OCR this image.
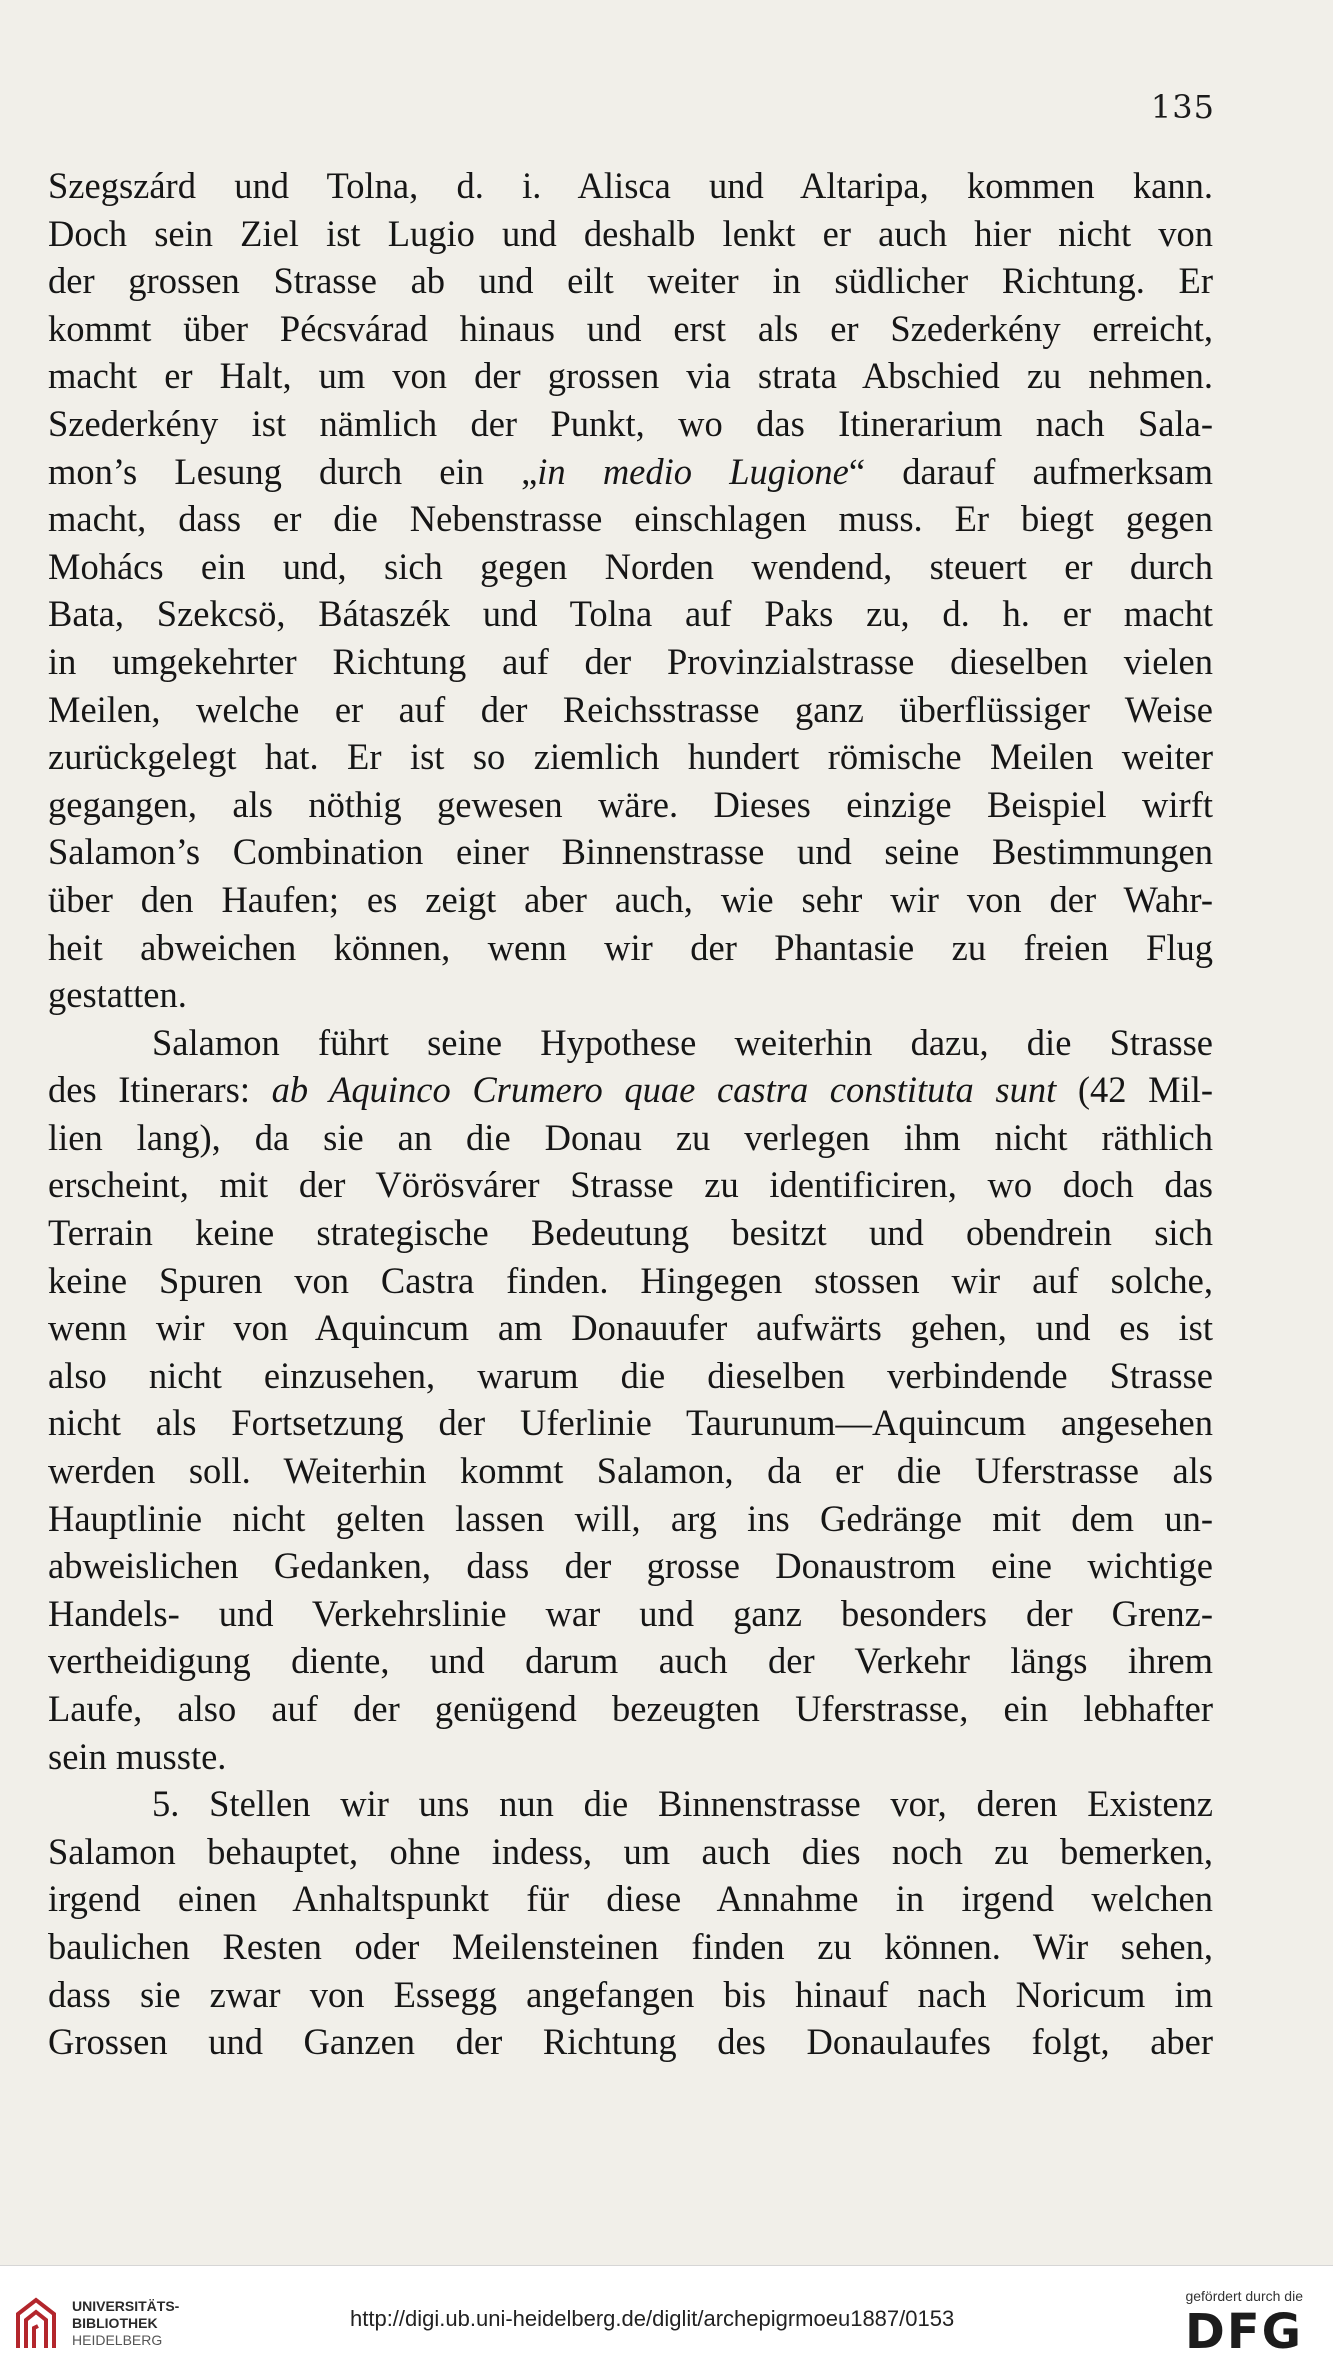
135
Szegszárd und Tolna, d. i. Alisca und Altaripa, kommen kann.
Doch sein Ziel ist Lugio und deshalb lenkt er auch hier nicht von
der grossen Strasse ab und eilt weiter in südlicher Richtung. Er
kommt über Pécsvárad hinaus und erst als er Szederkény erreicht,
macht er Halt, um von der grossen via strata Abschied zu nehmen.
Szederkény ist nämlich der Punkt, wo das Itinerarium nach Sala-
mon’s Lesung durch ein „in medio Lugione“ darauf aufmerksam
macht, dass er die Nebenstrasse einschlagen muss. Er biegt gegen
Mohács ein und, sich gegen Norden wendend, steuert er durch
Bata, Szekcsö, Bátaszék und Tolna auf Paks zu, d. h. er macht
in umgekehrter Richtung auf der Provinzialstrasse dieselben vielen
Meilen, welche er auf der Reichsstrasse ganz überflüssiger Weise
zurückgelegt hat. Er ist so ziemlich hundert römische Meilen weiter
gegangen, als nöthig gewesen wäre. Dieses einzige Beispiel wirft
Salamon’s Combination einer Binnenstrasse und seine Bestimmungen
über den Haufen; es zeigt aber auch, wie sehr wir von der Wahr-
heit abweichen können, wenn wir der Phantasie zu freien Flug
gestatten.
Salamon führt seine Hypothese weiterhin dazu, die Strasse
des Itinerars: ab Aquinco Crumero quae castra constituta sunt (42 Mil-
lien lang), da sie an die Donau zu verlegen ihm nicht räthlich
erscheint, mit der Vörösvárer Strasse zu identificiren, wo doch das
Terrain keine strategische Bedeutung besitzt und obendrein sich
keine Spuren von Castra finden. Hingegen stossen wir auf solche,
wenn wir von Aquincum am Donauufer aufwärts gehen, und es ist
also nicht einzusehen, warum die dieselben verbindende Strasse
nicht als Fortsetzung der Uferlinie Taurunum—Aquincum angesehen
werden soll. Weiterhin kommt Salamon, da er die Uferstrasse als
Hauptlinie nicht gelten lassen will, arg ins Gedränge mit dem un-
abweislichen Gedanken, dass der grosse Donaustrom eine wichtige
Handels- und Verkehrslinie war und ganz besonders der Grenz-
vertheidigung diente, und darum auch der Verkehr längs ihrem
Laufe, also auf der genügend bezeugten Uferstrasse, ein lebhafter
sein musste.
5. Stellen wir uns nun die Binnenstrasse vor, deren Existenz
Salamon behauptet, ohne indess, um auch dies noch zu bemerken,
irgend einen Anhaltspunkt für diese Annahme in irgend welchen
baulichen Resten oder Meilensteinen finden zu können. Wir sehen,
dass sie zwar von Essegg angefangen bis hinauf nach Noricum im
Grossen und Ganzen der Richtung des Donaulaufes folgt, aber
UNIVERSITÄTS-
BIBLIOTHEK
HEIDELBERG
http://digi.ub.uni-heidelberg.de/diglit/archepigrmoeu1887/0153
gefördert durch die
DFG
